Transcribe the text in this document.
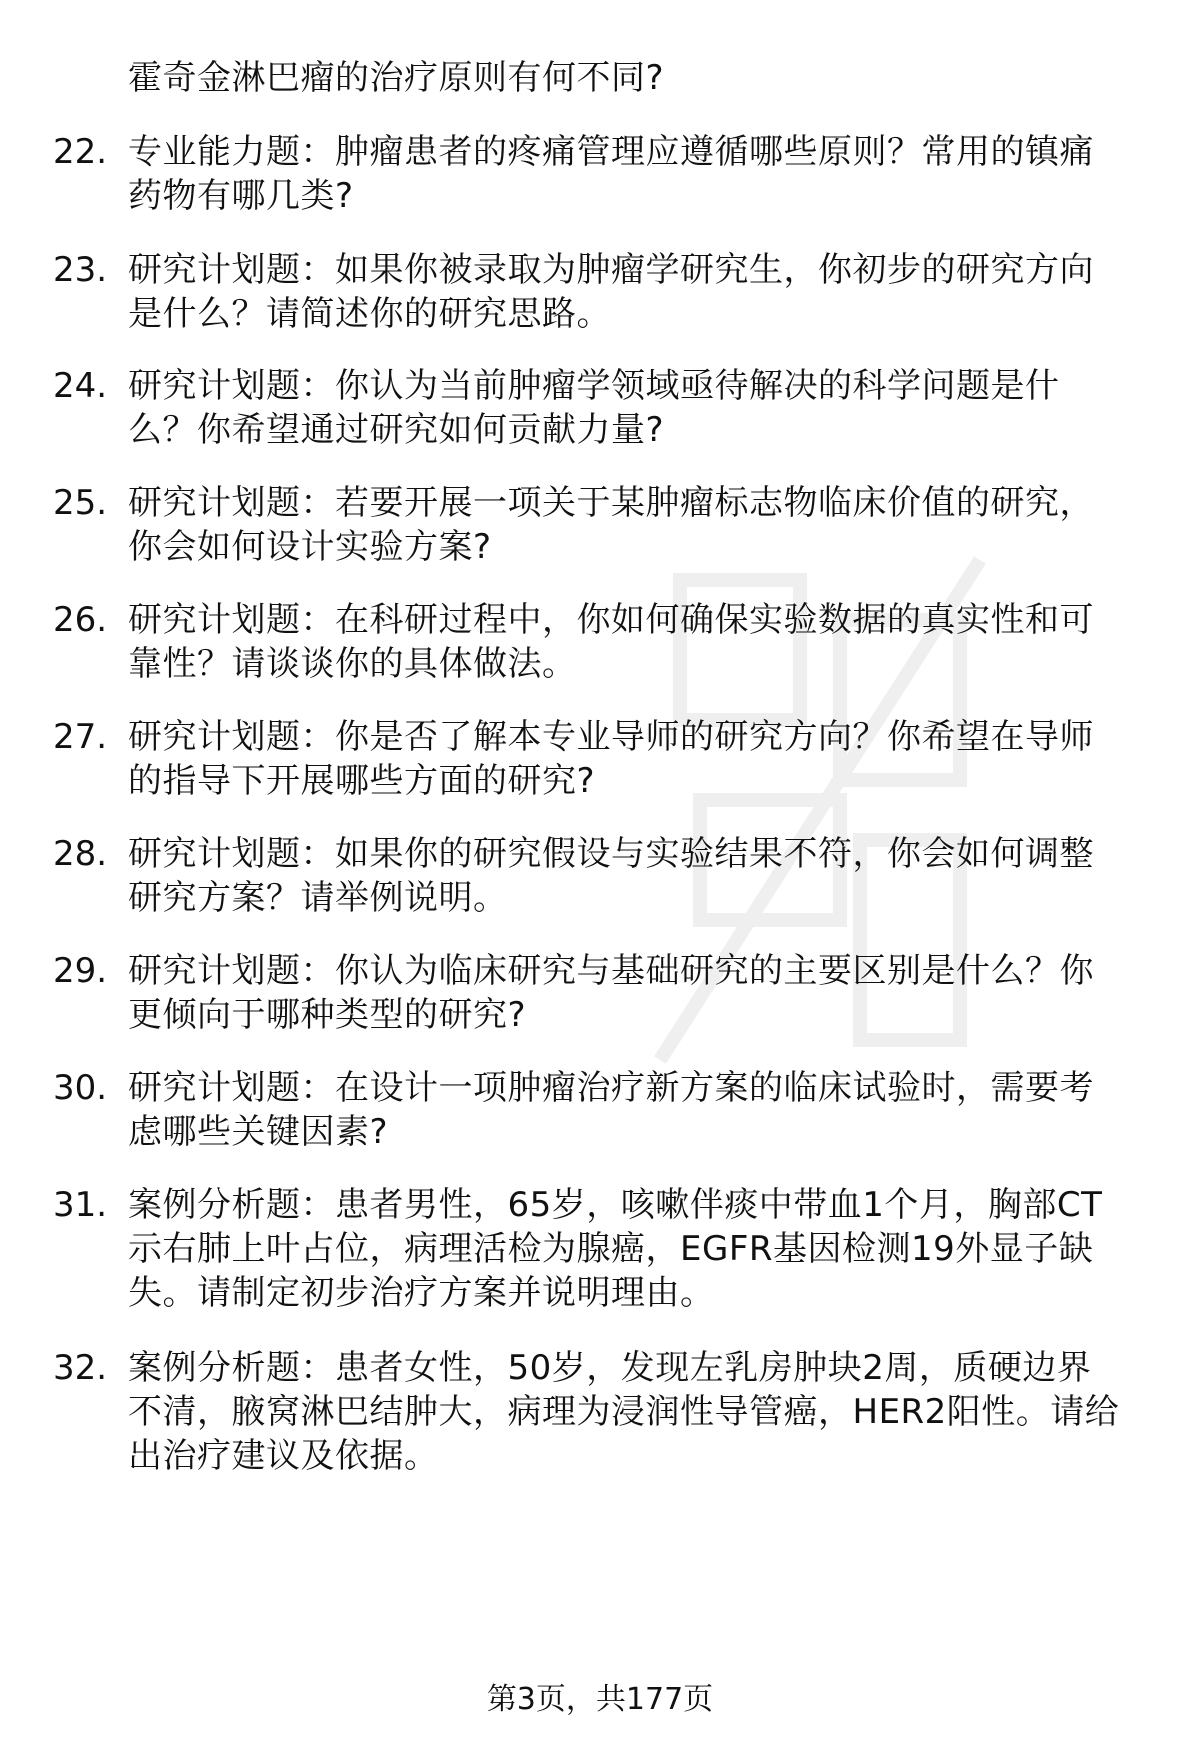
霍奇金淋巴瘤的治疗原则有何不同?
22. 专业能力题：肿瘤患者的疼痛管理应遵循哪些原则？常用的镇痛
药物有哪几类?
23. 研究计划题：如果你被录取为肿瘤学研究生，你初步的研究方向
是什么？请简述你的研究思路。
24. 研究计划题：你认为当前肿瘤学领域亟待解决的科学问题是什
么？你希望通过研究如何贡献力量?
25. 研究计划题：若要开展一项关于某肿瘤标志物临床价值的研究，
你会如何设计实验方案?
26. 研究计划题：在科研过程中，你如何确保实验数据的真实性和可
靠性？请谈谈你的具体做法。
27. 研究计划题：你是否了解本专业导师的研究方向？你希望在导师
的指导下开展哪些方面的研究?
28. 研究计划题：如果你的研究假设与实验结果不符，你会如何调整
研究方案？请举例说明。
29. 研究计划题：你认为临床研究与基础研究的主要区别是什么？你
更倾向于哪种类型的研究?
30. 研究计划题：在设计一项肿瘤治疗新方案的临床试验时，需要考
虑哪些关键因素?
31. 案例分析题：患者男性，65岁，咳嗽伴痰中带血1个月，胸部CT
示右肺上叶占位，病理活检为腺癌，EGFR基因检测19外显子缺
失。请制定初步治疗方案并说明理由。
32. 案例分析题：患者女性，50岁，发现左乳房肿块2周，质硬边界
不清，腋窝淋巴结肿大，病理为浸润性导管癌，HER2阳性。请给
出治疗建议及依据。
第3页，共177页
